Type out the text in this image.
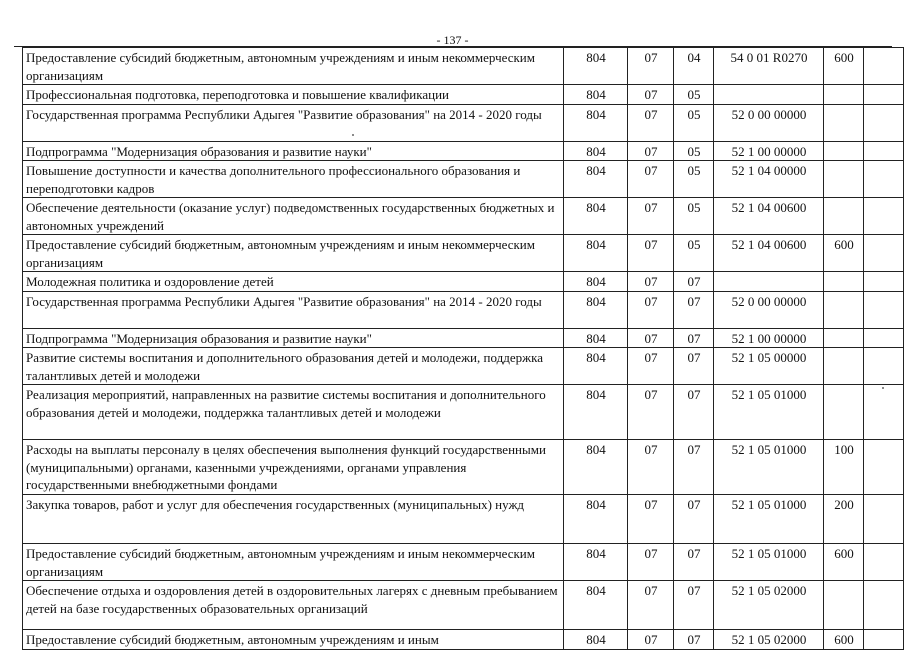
- 137 -
Предоставление субсидий бюджетным, автономным учреждениям и иным некоммерческим организациям	804	07	04	54 0 01 R0270	600	
Профессиональная подготовка, переподготовка и повышение квалификации	804	07	05			
Государственная программа Республики Адыгея "Развитие образования" на 2014 - 2020 годы	804	07	05	52 0 00 00000		
Подпрограмма "Модернизация образования и развитие науки"	804	07	05	52 1 00 00000		
Повышение доступности и качества дополнительного профессионального образования и переподготовки кадров	804	07	05	52 1 04 00000		
Обеспечение деятельности (оказание услуг) подведомственных государственных бюджетных и автономных учреждений	804	07	05	52 1 04 00600		
Предоставление субсидий бюджетным, автономным учреждениям и иным некоммерческим организациям	804	07	05	52 1 04 00600	600	
Молодежная политика и оздоровление детей	804	07	07			
Государственная программа Республики Адыгея "Развитие образования" на 2014 - 2020 годы	804	07	07	52 0 00 00000		
Подпрограмма "Модернизация образования и развитие науки"	804	07	07	52 1 00 00000		
Развитие системы воспитания и дополнительного образования детей и молодежи, поддержка талантливых детей и молодежи	804	07	07	52 1 05 00000		
Реализация мероприятий, направленных на развитие системы воспитания и дополнительного образования детей и молодежи, поддержка талантливых детей и молодежи	804	07	07	52 1 05 01000		
Расходы на выплаты персоналу в целях обеспечения выполнения функций государственными (муниципальными) органами, казенными учреждениями, органами управления государственными внебюджетными фондами	804	07	07	52 1 05 01000	100	
Закупка товаров, работ и услуг для обеспечения государственных (муниципальных) нужд	804	07	07	52 1 05 01000	200	
Предоставление субсидий бюджетным, автономным учреждениям и иным некоммерческим организациям	804	07	07	52 1 05 01000	600	
Обеспечение отдыха и оздоровления детей в оздоровительных лагерях с дневным пребыванием детей на базе государственных образовательных организаций	804	07	07	52 1 05 02000		
Предоставление субсидий бюджетным, автономным учреждениям и иным	804	07	07	52 1 05 02000	600	
